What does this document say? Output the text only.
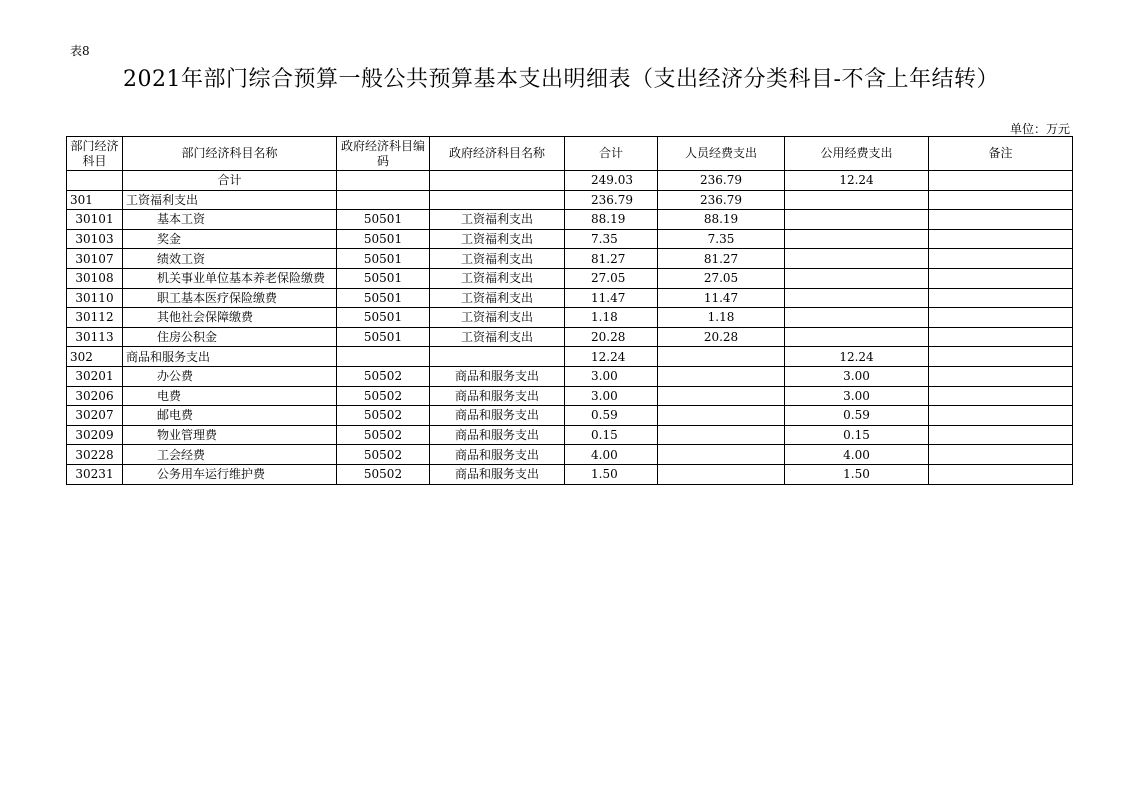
表8
2021年部门综合预算一般公共预算基本支出明细表（支出经济分类科目-不含上年结转）
单位：万元
部门经济科目	部门经济科目名称	政府经济科目编码	政府经济科目名称	合计	人员经费支出	公用经费支出	备注
	合计			249.03	236.79	12.24	
301	工资福利支出			236.79	236.79		
30101	基本工资	50501	工资福利支出	88.19	88.19		
30103	奖金	50501	工资福利支出	7.35	7.35		
30107	绩效工资	50501	工资福利支出	81.27	81.27		
30108	机关事业单位基本养老保险缴费	50501	工资福利支出	27.05	27.05		
30110	职工基本医疗保险缴费	50501	工资福利支出	11.47	11.47		
30112	其他社会保障缴费	50501	工资福利支出	1.18	1.18		
30113	住房公积金	50501	工资福利支出	20.28	20.28		
302	商品和服务支出			12.24		12.24	
30201	办公费	50502	商品和服务支出	3.00		3.00	
30206	电费	50502	商品和服务支出	3.00		3.00	
30207	邮电费	50502	商品和服务支出	0.59		0.59	
30209	物业管理费	50502	商品和服务支出	0.15		0.15	
30228	工会经费	50502	商品和服务支出	4.00		4.00	
30231	公务用车运行维护费	50502	商品和服务支出	1.50		1.50	
